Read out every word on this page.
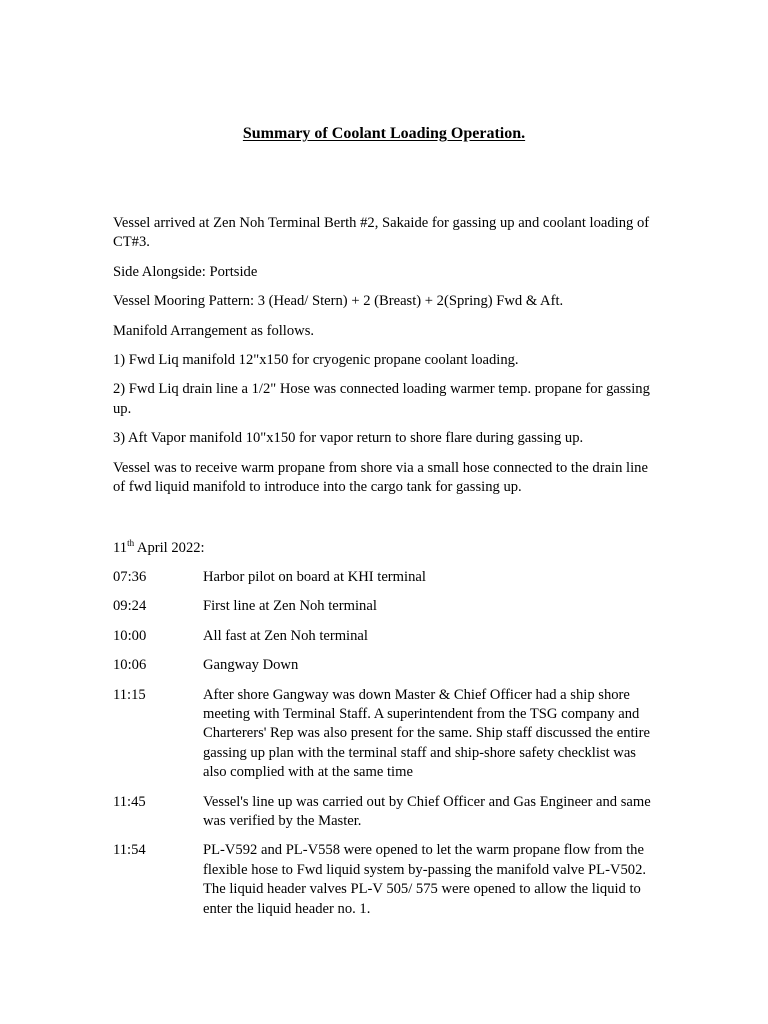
Summary of Coolant Loading Operation.

Vessel arrived at Zen Noh Terminal Berth #2, Sakaide for gassing up and coolant loading of CT#3.

Side Alongside: Portside

Vessel Mooring Pattern: 3 (Head/ Stern) + 2 (Breast) + 2(Spring) Fwd & Aft.

Manifold Arrangement as follows.

1) Fwd Liq manifold 12"x150 for cryogenic propane coolant loading.

2) Fwd Liq drain line a 1/2" Hose was connected loading warmer temp. propane for gassing up.

3) Aft Vapor manifold 10"x150 for vapor return to shore flare during gassing up.

Vessel was to receive warm propane from shore via a small hose connected to the drain line of fwd liquid manifold to introduce into the cargo tank for gassing up.

11th April 2022:
07:36	Harbor pilot on board at KHI terminal
09:24	First line at Zen Noh terminal
10:00	All fast at Zen Noh terminal
10:06	Gangway Down
11:15	After shore Gangway was down Master & Chief Officer had a ship shore meeting with Terminal Staff. A superintendent from the TSG company and Charterers' Rep was also present for the same. Ship staff discussed the entire gassing up plan with the terminal staff and ship-shore safety checklist was also complied with at the same time
11:45	Vessel's line up was carried out by Chief Officer and Gas Engineer and same was verified by the Master.
11:54	PL-V592 and PL-V558 were opened to let the warm propane flow from the flexible hose to Fwd liquid system by-passing the manifold valve PL-V502. The liquid header valves PL-V 505/ 575 were opened to allow the liquid to enter the liquid header no. 1.
